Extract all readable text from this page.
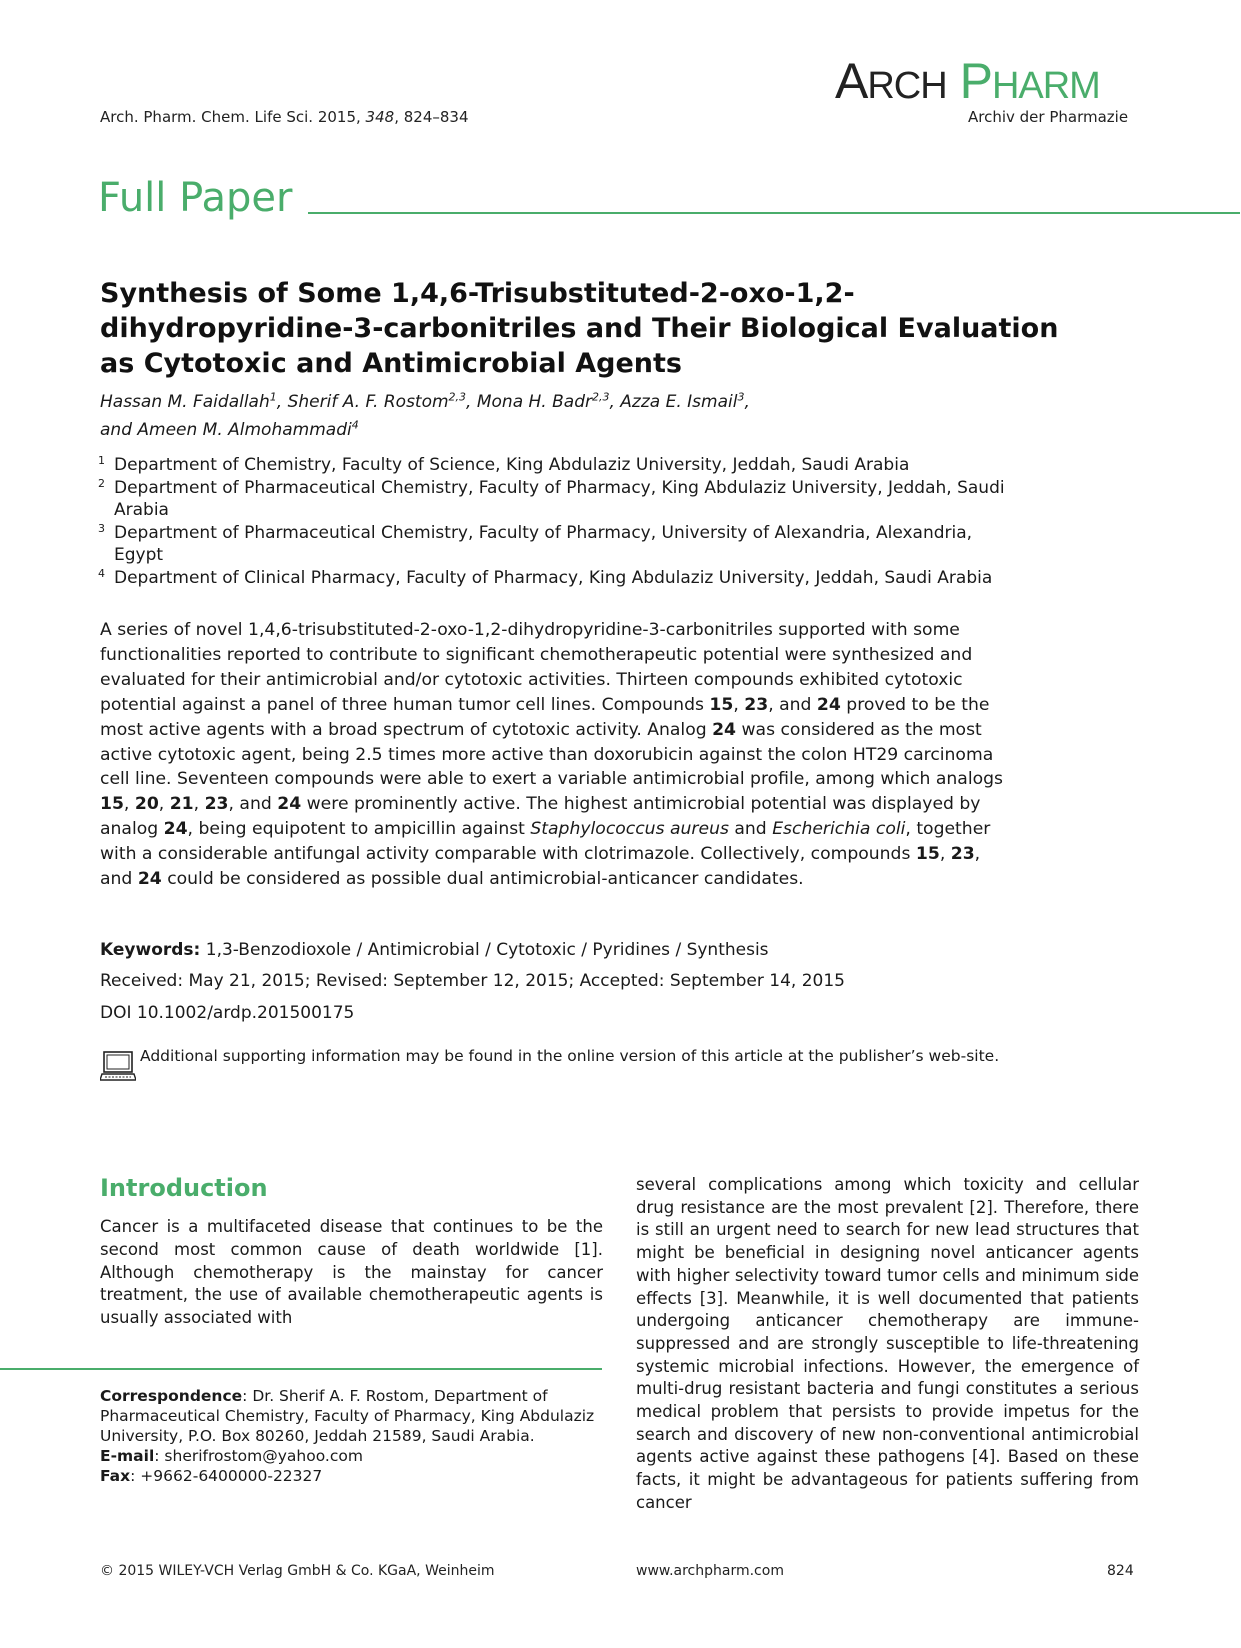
Arch. Pharm. Chem. Life Sci. 2015, 348, 824–834
ARCH PHARM
Archiv der Pharmazie
Full Paper
Synthesis of Some 1,4,6-Trisubstituted-2-oxo-1,2-dihydropyridine-3-carbonitriles and Their Biological Evaluation as Cytotoxic and Antimicrobial Agents
Hassan M. Faidallah$^1$, Sherif A. F. Rostom$^{2,3}$, Mona H. Badr$^{2,3}$, Azza E. Ismail$^3$,
and Ameen M. Almohammadi$^4$
1 Department of Chemistry, Faculty of Science, King Abdulaziz University, Jeddah, Saudi Arabia
2 Department of Pharmaceutical Chemistry, Faculty of Pharmacy, King Abdulaziz University, Jeddah, Saudi Arabia
3 Department of Pharmaceutical Chemistry, Faculty of Pharmacy, University of Alexandria, Alexandria, Egypt
4 Department of Clinical Pharmacy, Faculty of Pharmacy, King Abdulaziz University, Jeddah, Saudi Arabia
A series of novel 1,4,6-trisubstituted-2-oxo-1,2-dihydropyridine-3-carbonitriles supported with some functionalities reported to contribute to significant chemotherapeutic potential were synthesized and evaluated for their antimicrobial and/or cytotoxic activities. Thirteen compounds exhibited cytotoxic potential against a panel of three human tumor cell lines. Compounds 15, 23, and 24 proved to be the most active agents with a broad spectrum of cytotoxic activity. Analog 24 was considered as the most active cytotoxic agent, being 2.5 times more active than doxorubicin against the colon HT29 carcinoma cell line. Seventeen compounds were able to exert a variable antimicrobial profile, among which analogs 15, 20, 21, 23, and 24 were prominently active. The highest antimicrobial potential was displayed by analog 24, being equipotent to ampicillin against Staphylococcus aureus and Escherichia coli, together with a considerable antifungal activity comparable with clotrimazole. Collectively, compounds 15, 23, and 24 could be considered as possible dual antimicrobial-anticancer candidates.
Keywords: 1,3-Benzodioxole / Antimicrobial / Cytotoxic / Pyridines / Synthesis
Received: May 21, 2015; Revised: September 12, 2015; Accepted: September 14, 2015
DOI 10.1002/ardp.201500175
Additional supporting information may be found in the online version of this article at the publisher’s web-site.
Introduction
Cancer is a multifaceted disease that continues to be the second most common cause of death worldwide [1]. Although chemotherapy is the mainstay for cancer treatment, the use of available chemotherapeutic agents is usually associated with
Correspondence: Dr. Sherif A. F. Rostom, Department of Pharmaceutical Chemistry, Faculty of Pharmacy, King Abdulaziz University, P.O. Box 80260, Jeddah 21589, Saudi Arabia.
E-mail: sherifrostom@yahoo.com
Fax: +9662-6400000-22327
several complications among which toxicity and cellular drug resistance are the most prevalent [2]. Therefore, there is still an urgent need to search for new lead structures that might be beneficial in designing novel anticancer agents with higher selectivity toward tumor cells and minimum side effects [3]. Meanwhile, it is well documented that patients undergoing anticancer chemotherapy are immune-suppressed and are strongly susceptible to life-threatening systemic microbial infections. However, the emergence of multi-drug resistant bacteria and fungi constitutes a serious medical problem that persists to provide impetus for the search and discovery of new non-conventional antimicrobial agents active against these pathogens [4]. Based on these facts, it might be advantageous for patients suffering from cancer
© 2015 WILEY-VCH Verlag GmbH & Co. KGaA, Weinheim	www.archpharm.com	824
